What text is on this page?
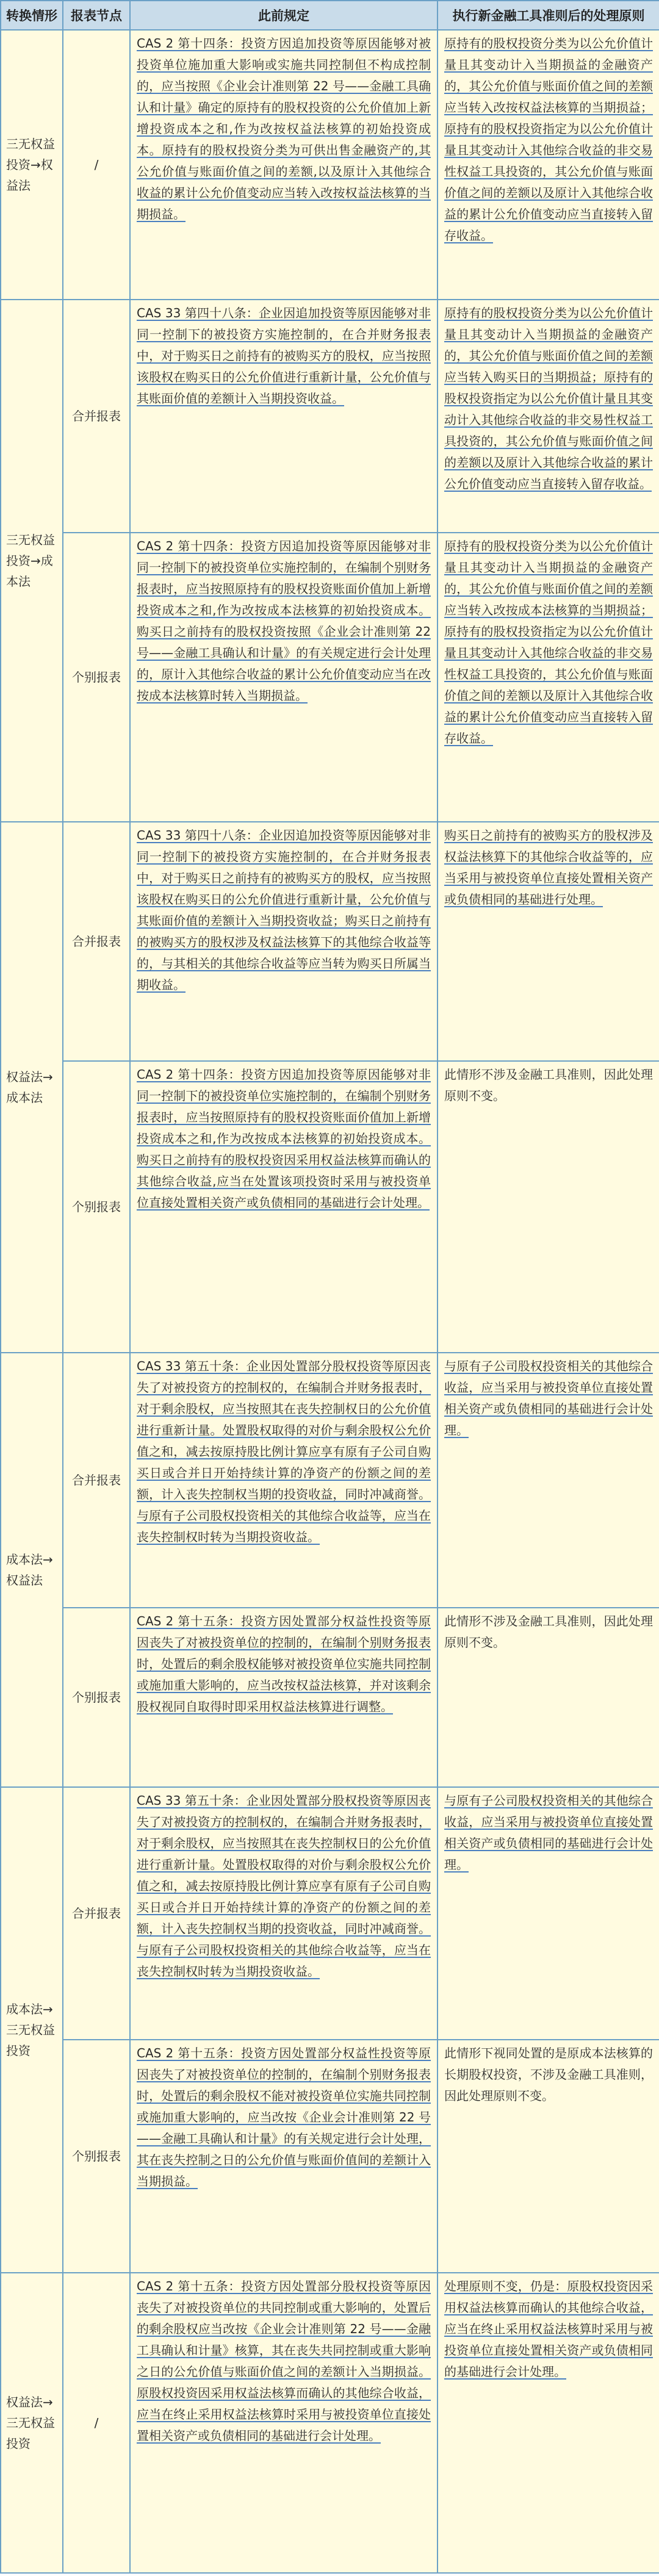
转换情形	报表节点	此前规定	执行新金融工具准则后的处理原则
三无权益投资→权益法	/	CAS 2 第十四条：投资方因追加投资等原因能够对被投资单位施加重大影响或实施共同控制但不构成控制的，应当按照《企业会计准则第 22 号——金融工具确认和计量》确定的原持有的股权投资的公允价值加上新增投资成本之和,作为改按权益法核算的初始投资成本。原持有的股权投资分类为可供出售金融资产的,其公允价值与账面价值之间的差额,以及原计入其他综合收益的累计公允价值变动应当转入改按权益法核算的当期损益。	原持有的股权投资分类为以公允价值计量且其变动计入当期损益的金融资产的，其公允价值与账面价值之间的差额应当转入改按权益法核算的当期损益；原持有的股权投资指定为以公允价值计量且其变动计入其他综合收益的非交易性权益工具投资的，其公允价值与账面价值之间的差额以及原计入其他综合收益的累计公允价值变动应当直接转入留存收益。
三无权益投资→成本法	合并报表	CAS 33 第四十八条：企业因追加投资等原因能够对非同一控制下的被投资方实施控制的，在合并财务报表中，对于购买日之前持有的被购买方的股权，应当按照该股权在购买日的公允价值进行重新计量，公允价值与其账面价值的差额计入当期投资收益。	原持有的股权投资分类为以公允价值计量且其变动计入当期损益的金融资产的，其公允价值与账面价值之间的差额应当转入购买日的当期损益；原持有的股权投资指定为以公允价值计量且其变动计入其他综合收益的非交易性权益工具投资的，其公允价值与账面价值之间的差额以及原计入其他综合收益的累计公允价值变动应当直接转入留存收益。
	个别报表	CAS 2 第十四条：投资方因追加投资等原因能够对非同一控制下的被投资单位实施控制的，在编制个别财务报表时，应当按照原持有的股权投资账面价值加上新增投资成本之和,作为改按成本法核算的初始投资成本。购买日之前持有的股权投资按照《企业会计准则第 22 号——金融工具确认和计量》的有关规定进行会计处理的，原计入其他综合收益的累计公允价值变动应当在改按成本法核算时转入当期损益。	原持有的股权投资分类为以公允价值计量且其变动计入当期损益的金融资产的，其公允价值与账面价值之间的差额应当转入改按成本法核算的当期损益；原持有的股权投资指定为以公允价值计量且其变动计入其他综合收益的非交易性权益工具投资的，其公允价值与账面价值之间的差额以及原计入其他综合收益的累计公允价值变动应当直接转入留存收益。
权益法→成本法	合并报表	CAS 33 第四十八条：企业因追加投资等原因能够对非同一控制下的被投资方实施控制的，在合并财务报表中，对于购买日之前持有的被购买方的股权，应当按照该股权在购买日的公允价值进行重新计量，公允价值与其账面价值的差额计入当期投资收益；购买日之前持有的被购买方的股权涉及权益法核算下的其他综合收益等的，与其相关的其他综合收益等应当转为购买日所属当期收益。	购买日之前持有的被购买方的股权涉及权益法核算下的其他综合收益等的，应当采用与被投资单位直接处置相关资产或负债相同的基础进行处理。
	个别报表	CAS 2 第十四条：投资方因追加投资等原因能够对非同一控制下的被投资单位实施控制的，在编制个别财务报表时，应当按照原持有的股权投资账面价值加上新增投资成本之和,作为改按成本法核算的初始投资成本。购买日之前持有的股权投资因采用权益法核算而确认的其他综合收益,应当在处置该项投资时采用与被投资单位直接处置相关资产或负债相同的基础进行会计处理。	此情形不涉及金融工具准则，因此处理原则不变。
成本法→权益法	合并报表	CAS 33 第五十条：企业因处置部分股权投资等原因丧失了对被投资方的控制权的，在编制合并财务报表时，对于剩余股权，应当按照其在丧失控制权日的公允价值进行重新计量。处置股权取得的对价与剩余股权公允价值之和，减去按原持股比例计算应享有原有子公司自购买日或合并日开始持续计算的净资产的份额之间的差额，计入丧失控制权当期的投资收益，同时冲减商誉。与原有子公司股权投资相关的其他综合收益等，应当在丧失控制权时转为当期投资收益。	与原有子公司股权投资相关的其他综合收益，应当采用与被投资单位直接处置相关资产或负债相同的基础进行会计处理。
	个别报表	CAS 2 第十五条：投资方因处置部分权益性投资等原因丧失了对被投资单位的控制的，在编制个别财务报表时，处置后的剩余股权能够对被投资单位实施共同控制或施加重大影响的，应当改按权益法核算，并对该剩余股权视同自取得时即采用权益法核算进行调整。	此情形不涉及金融工具准则，因此处理原则不变。
成本法→三无权益投资	合并报表	CAS 33 第五十条：企业因处置部分股权投资等原因丧失了对被投资方的控制权的，在编制合并财务报表时，对于剩余股权，应当按照其在丧失控制权日的公允价值进行重新计量。处置股权取得的对价与剩余股权公允价值之和，减去按原持股比例计算应享有原有子公司自购买日或合并日开始持续计算的净资产的份额之间的差额，计入丧失控制权当期的投资收益，同时冲减商誉。与原有子公司股权投资相关的其他综合收益等，应当在丧失控制权时转为当期投资收益。	与原有子公司股权投资相关的其他综合收益，应当采用与被投资单位直接处置相关资产或负债相同的基础进行会计处理。
	个别报表	CAS 2 第十五条：投资方因处置部分权益性投资等原因丧失了对被投资单位的控制的，在编制个别财务报表时，处置后的剩余股权不能对被投资单位实施共同控制或施加重大影响的，应当改按《企业会计准则第 22 号——金融工具确认和计量》的有关规定进行会计处理，其在丧失控制之日的公允价值与账面价值间的差额计入当期损益。	此情形下视同处置的是原成本法核算的长期股权投资，不涉及金融工具准则，因此处理原则不变。
权益法→三无权益投资	/	CAS 2 第十五条：投资方因处置部分股权投资等原因丧失了对被投资单位的共同控制或重大影响的，处置后的剩余股权应当改按《企业会计准则第 22 号——金融工具确认和计量》核算，其在丧失共同控制或重大影响之日的公允价值与账面价值之间的差额计入当期损益。原股权投资因采用权益法核算而确认的其他综合收益，应当在终止采用权益法核算时采用与被投资单位直接处置相关资产或负债相同的基础进行会计处理。	处理原则不变，仍是：原股权投资因采用权益法核算而确认的其他综合收益，应当在终止采用权益法核算时采用与被投资单位直接处置相关资产或负债相同的基础进行会计处理。
